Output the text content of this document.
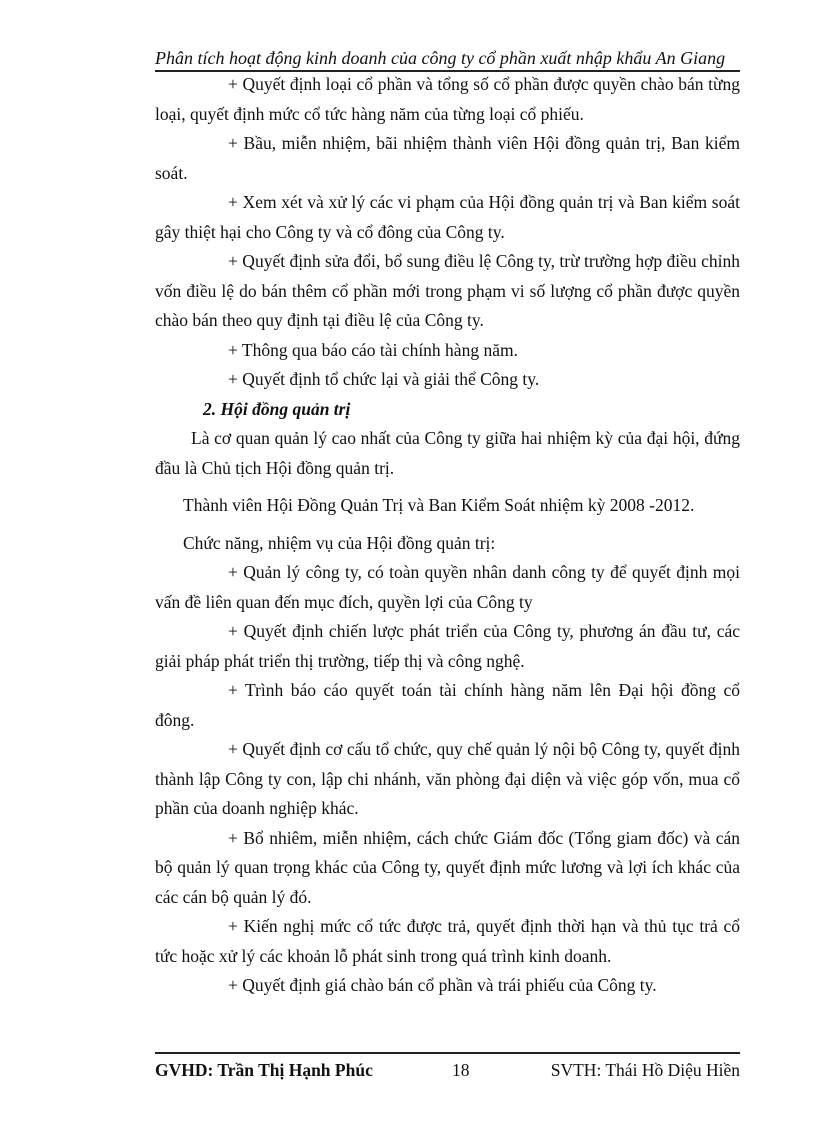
Phân tích hoạt động kinh doanh của công ty cổ phần xuất nhập khẩu An Giang

+ Quyết định loại cổ phần và tổng số cổ phần được quyền chào bán từng loại, quyết định mức cổ tức hàng năm của từng loại cổ phiếu.

+ Bầu, miễn nhiệm, bãi nhiệm thành viên Hội đồng quản trị, Ban kiểm soát.

+ Xem xét và xử lý các vi phạm của Hội đồng quản trị và Ban kiểm soát gây thiệt hại cho Công ty và cổ đông của Công ty.

+ Quyết định sửa đổi, bổ sung điều lệ Công ty, trừ trường hợp điều chỉnh vốn điều lệ do bán thêm cổ phần mới trong phạm vi số lượng cổ phần được quyền chào bán theo quy định tại điều lệ của Công ty.

+ Thông qua báo cáo tài chính hàng năm.

+ Quyết định tổ chức lại và giải thể Công ty.

2. Hội đồng quản trị

Là cơ quan quản lý cao nhất của Công ty giữa hai nhiệm kỳ của đại hội, đứng đầu là Chủ tịch Hội đồng quản trị.

Thành viên Hội Đồng Quản Trị và Ban Kiểm Soát nhiệm kỳ 2008 -2012.

Chức năng, nhiệm vụ của Hội đồng quản trị:

+ Quản lý công ty, có toàn quyền nhân danh công ty để quyết định mọi vấn đề liên quan đến mục đích, quyền lợi của Công ty

+ Quyết định chiến lược phát triển của Công ty, phương án đầu tư, các giải pháp phát triển thị trường, tiếp thị và công nghệ.

+ Trình báo cáo quyết toán tài chính hàng năm lên Đại hội đồng cổ đông.

+ Quyết định cơ cấu tổ chức, quy chế quản lý nội bộ Công ty, quyết định thành lập Công ty con, lập chi nhánh, văn phòng đại diện và việc góp vốn, mua cổ phần của doanh nghiệp khác.

+ Bổ nhiêm, miễn nhiệm, cách chức Giám đốc (Tổng giam đốc) và cán bộ quản lý quan trọng khác của Công ty, quyết định mức lương và lợi ích khác của các cán bộ quản lý đó.

+ Kiến nghị mức cổ tức được trả, quyết định thời hạn và thủ tục trả cổ tức hoặc xử lý các khoản lỗ phát sinh trong quá trình kinh doanh.

+ Quyết định giá chào bán cổ phần và trái phiếu của Công ty.

GVHD: Trần Thị Hạnh Phúc	18	SVTH: Thái Hồ Diệu Hiền
